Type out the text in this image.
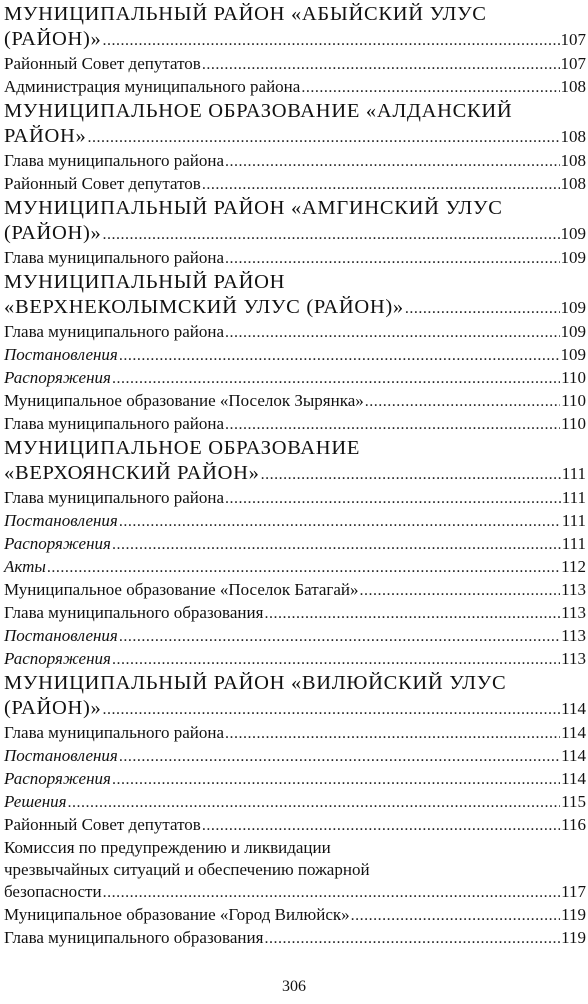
МУНИЦИПАЛЬНЫЙ РАЙОН «АБЫЙСКИЙ УЛУС
(РАЙОН)» .....	107
Районный Совет депутатов .....	107
Администрация муниципального района .....	108
МУНИЦИПАЛЬНОЕ ОБРАЗОВАНИЕ «АЛДАНСКИЙ
РАЙОН» .....	108
Глава муниципального района .....	108
Районный Совет депутатов .....	108
МУНИЦИПАЛЬНЫЙ РАЙОН «АМГИНСКИЙ УЛУС
(РАЙОН)» .....	109
Глава муниципального района .....	109
МУНИЦИПАЛЬНЫЙ РАЙОН
«ВЕРХНЕКОЛЫМСКИЙ УЛУС (РАЙОН)» .....	109
Глава муниципального района .....	109
Постановления .....	109
Распоряжения .....	110
Муниципальное образование «Поселок Зырянка» .....	110
Глава муниципального района .....	110
МУНИЦИПАЛЬНОЕ ОБРАЗОВАНИЕ
«ВЕРХОЯНСКИЙ РАЙОН» .....	111
Глава муниципального района .....	111
Постановления .....	111
Распоряжения .....	111
Акты .....	112
Муниципальное образование «Поселок Батагай» .....	113
Глава муниципального образования .....	113
Постановления .....	113
Распоряжения .....	113
МУНИЦИПАЛЬНЫЙ РАЙОН «ВИЛЮЙСКИЙ УЛУС
(РАЙОН)» .....	114
Глава муниципального района .....	114
Постановления .....	114
Распоряжения .....	114
Решения .....	115
Районный Совет депутатов .....	116
Комиссия по предупреждению и ликвидации
чрезвычайных ситуаций и обеспечению пожарной
безопасности .....	117
Муниципальное образование «Город Вилюйск» .....	119
Глава муниципального образования .....	119
306
